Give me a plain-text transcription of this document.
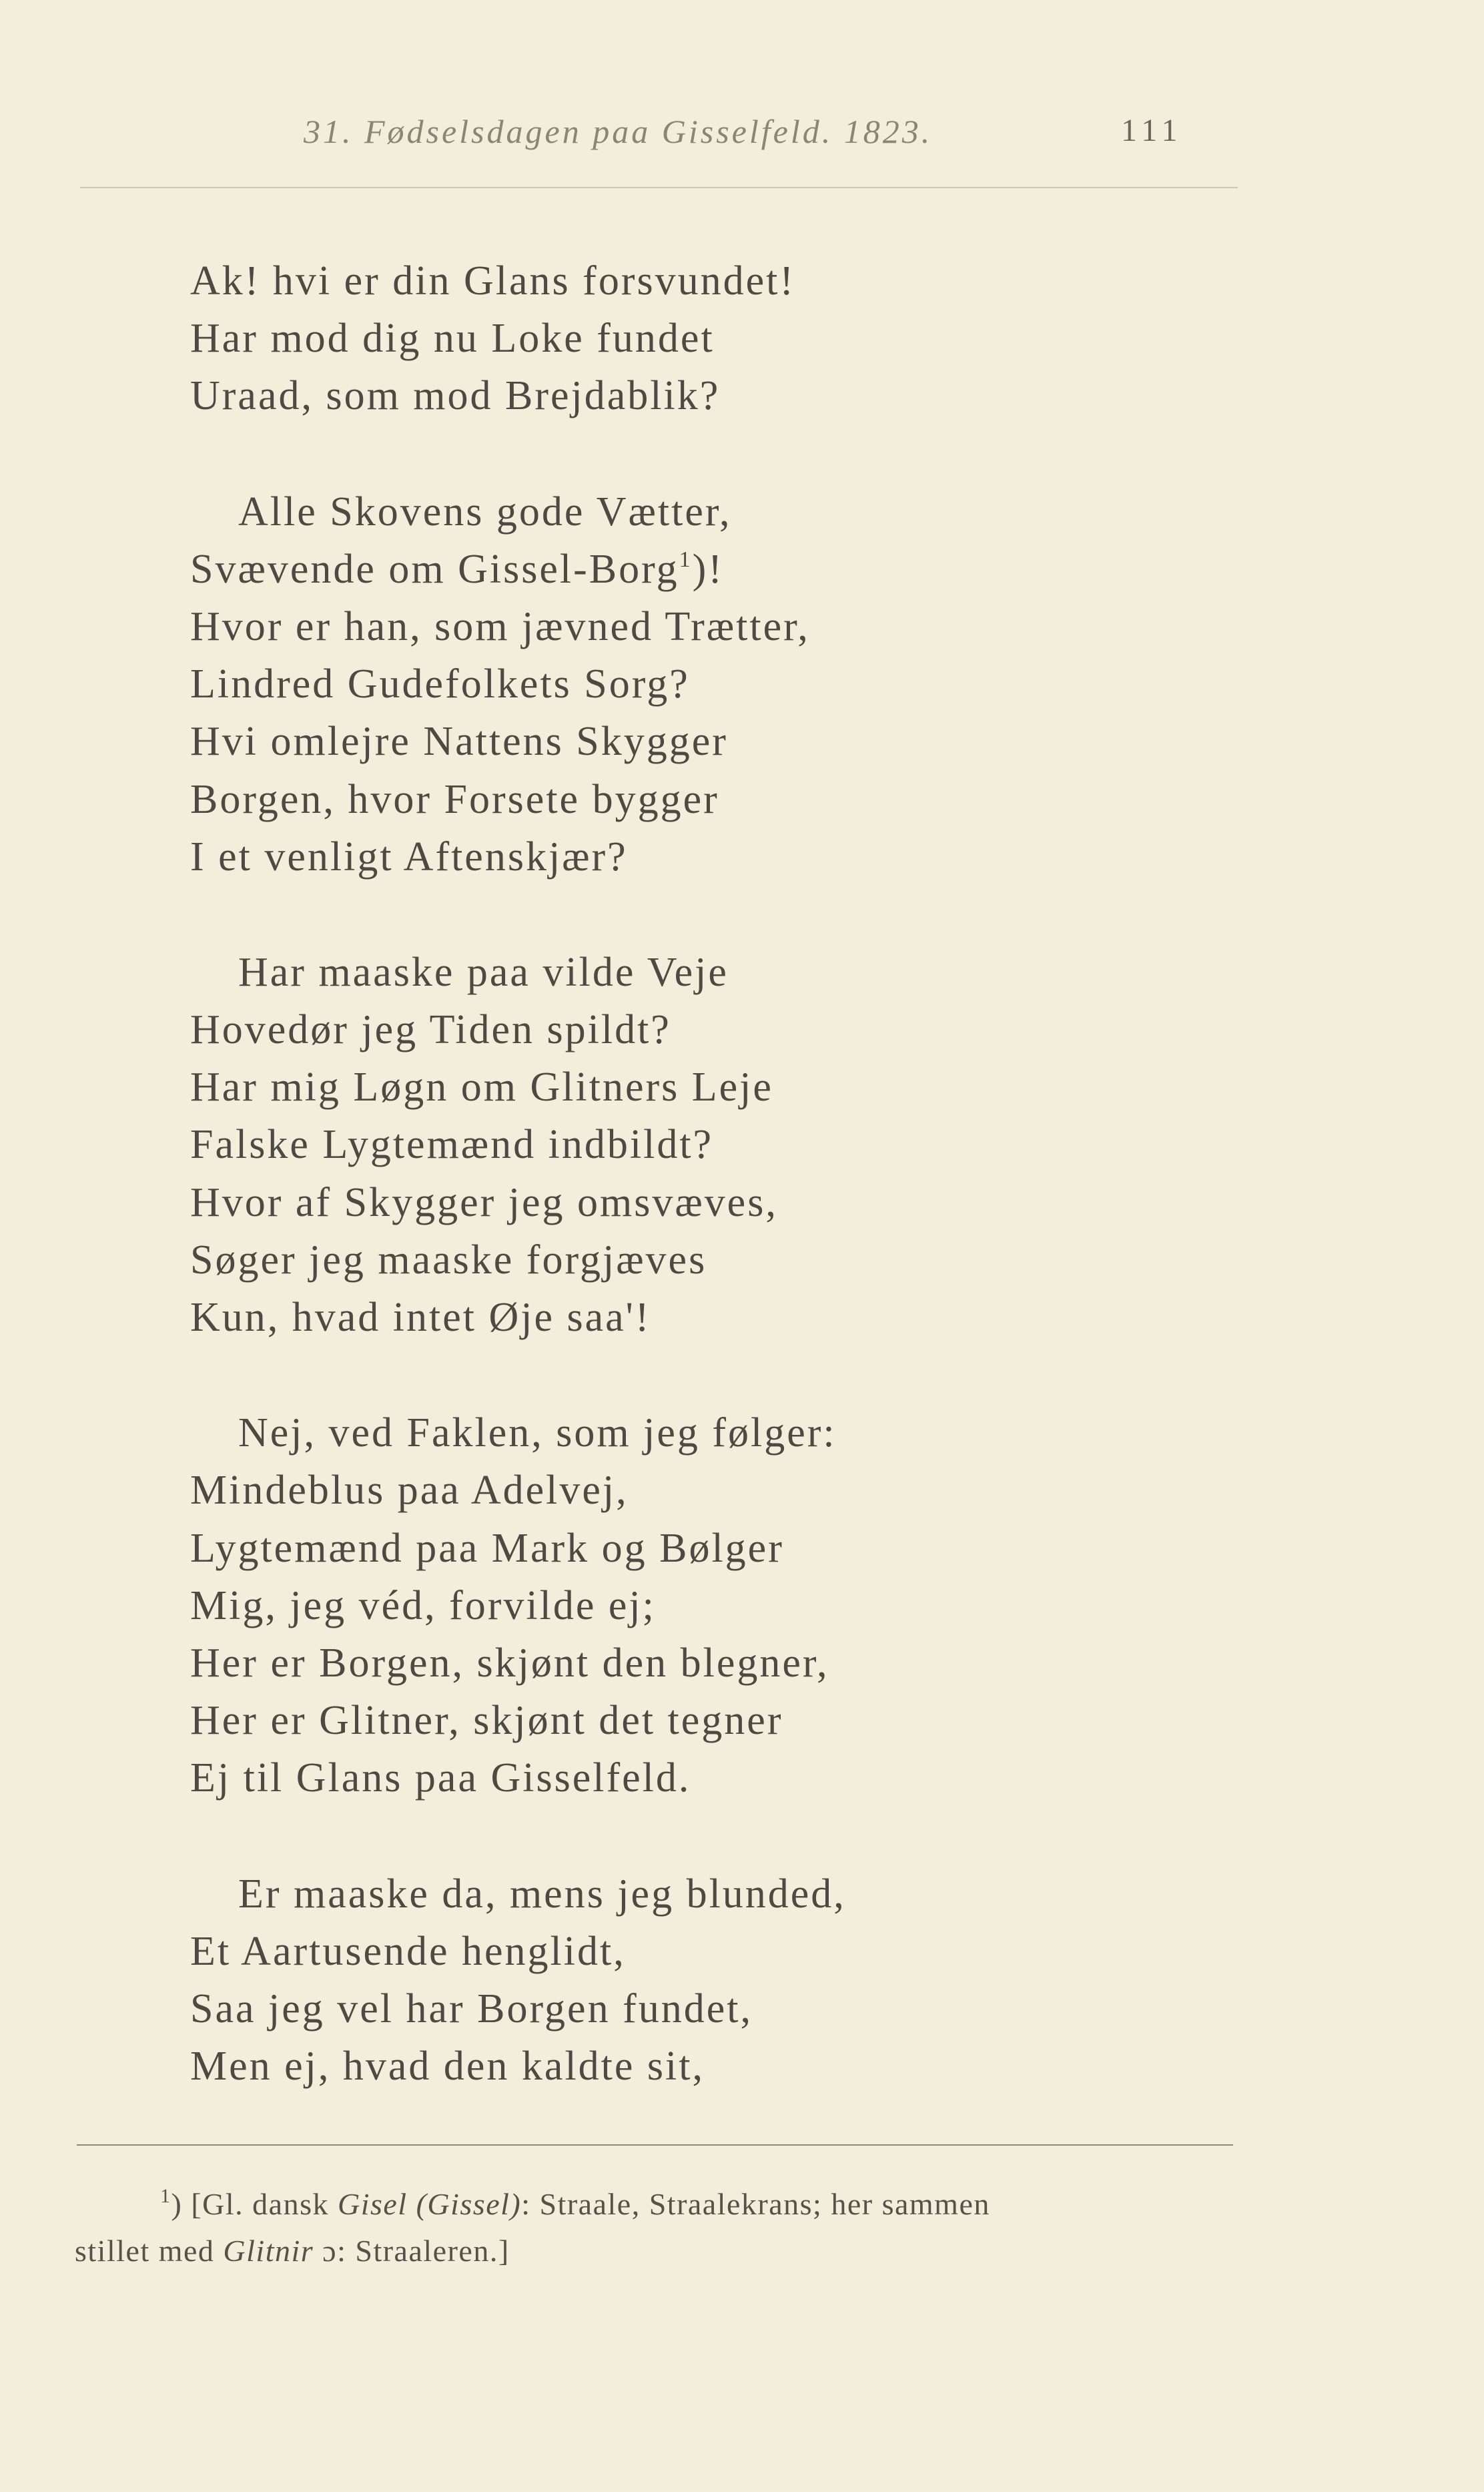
31. Fødselsdagen paa Gisselfeld. 1823.	111
Ak! hvi er din Glans forsvundet!
Har mod dig nu Loke fundet
Uraad, som mod Brejdablik?
Alle Skovens gode Vætter,
Svævende om Gissel-Borg$^1$)!
Hvor er han, som jævned Trætter,
Lindred Gudefolkets Sorg?
Hvi omlejre Nattens Skygger
Borgen, hvor Forsete bygger
I et venligt Aftenskjær?
Har maaske paa vilde Veje
Hovedør jeg Tiden spildt?
Har mig Løgn om Glitners Leje
Falske Lygtemænd indbildt?
Hvor af Skygger jeg omsvæves,
Søger jeg maaske forgjæves
Kun, hvad intet Øje saa'!
Nej, ved Faklen, som jeg følger:
Mindeblus paa Adelvej,
Lygtemænd paa Mark og Bølger
Mig, jeg véd, forvilde ej;
Her er Borgen, skjønt den blegner,
Her er Glitner, skjønt det tegner
Ej til Glans paa Gisselfeld.
Er maaske da, mens jeg blunded,
Et Aartusende henglidt,
Saa jeg vel har Borgen fundet,
Men ej, hvad den kaldte sit,
$^1$) [Gl. dansk Gisel (Gissel): Straale, Straalekrans; her sammen
stillet med Glitnir ɔ: Straaleren.]
